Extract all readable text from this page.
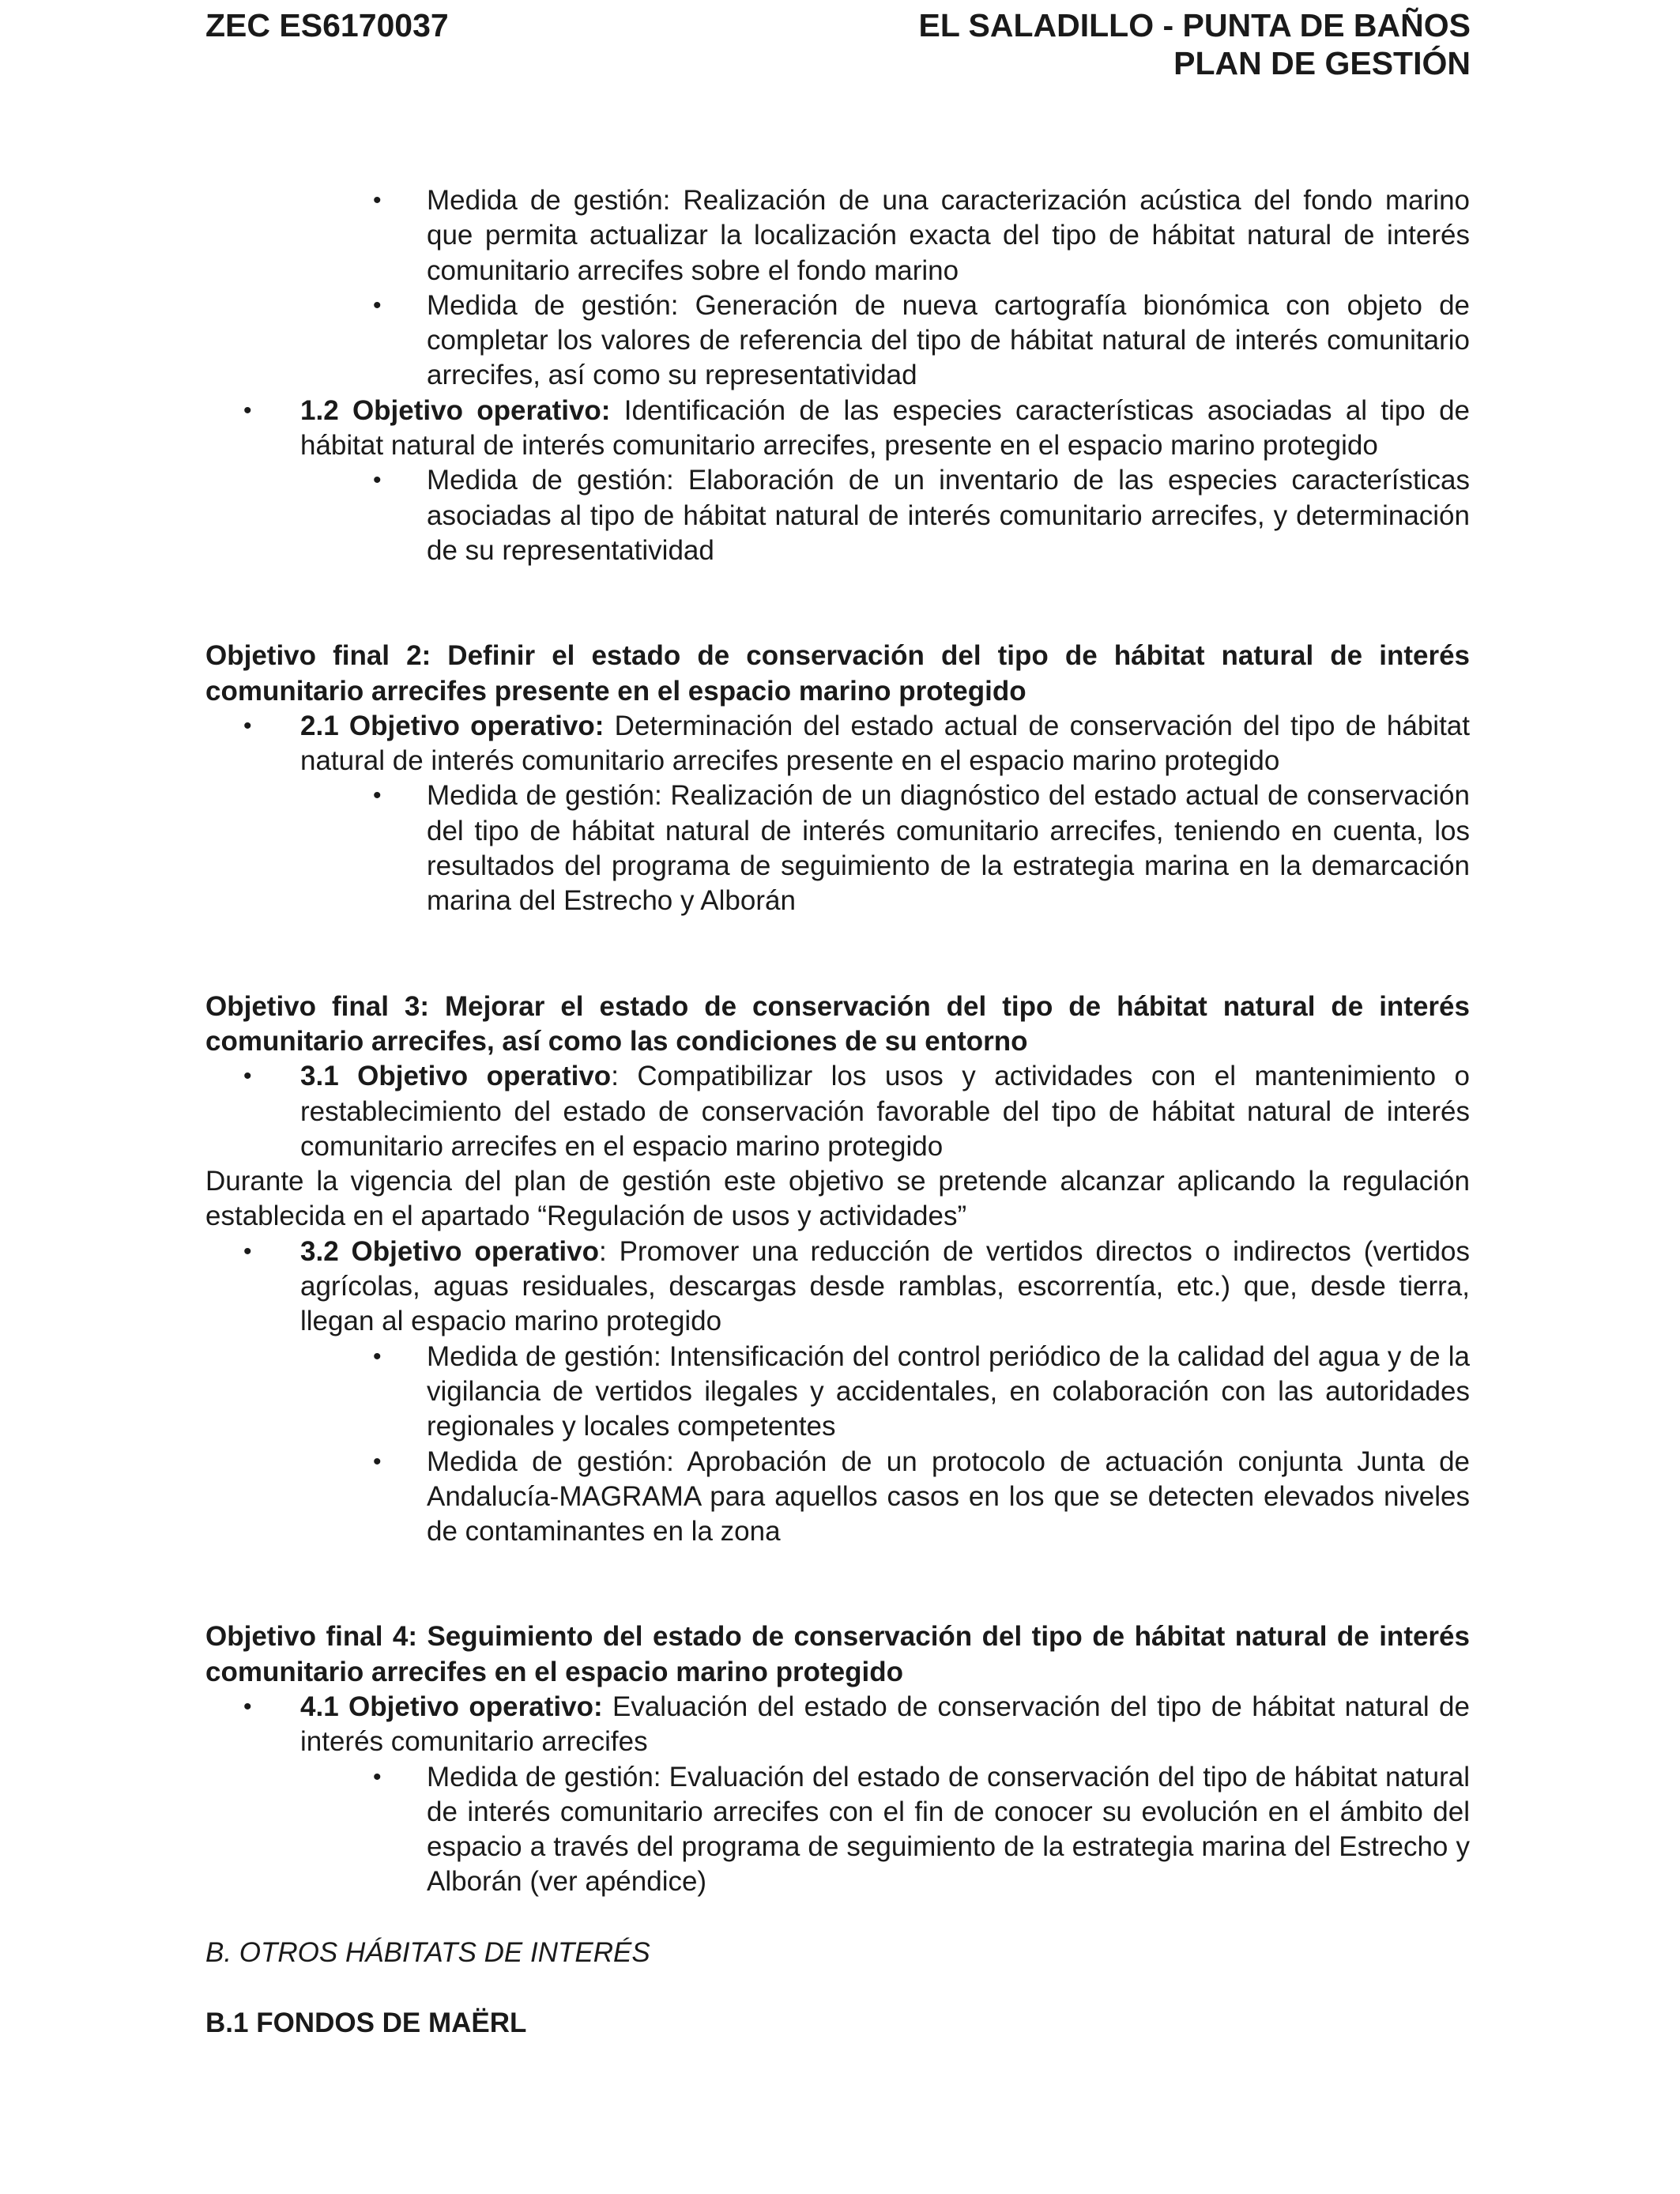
ZEC ES6170037	EL SALADILLO - PUNTA DE BAÑOS
PLAN DE GESTIÓN
• Medida de gestión: Realización de una caracterización acústica del fondo marino que permita actualizar la localización exacta del tipo de hábitat natural de interés comunitario arrecifes sobre el fondo marino
• Medida de gestión: Generación de nueva cartografía bionómica con objeto de completar los valores de referencia del tipo de hábitat natural de interés comunitario arrecifes, así como su representatividad
• 1.2 Objetivo operativo: Identificación de las especies características asociadas al tipo de hábitat natural de interés comunitario arrecifes, presente en el espacio marino protegido
• Medida de gestión: Elaboración de un inventario de las especies características asociadas al tipo de hábitat natural de interés comunitario arrecifes, y determinación de su representatividad
Objetivo final 2: Definir el estado de conservación del tipo de hábitat natural de interés comunitario arrecifes presente en el espacio marino protegido
• 2.1 Objetivo operativo: Determinación del estado actual de conservación del tipo de hábitat natural de interés comunitario arrecifes presente en el espacio marino protegido
• Medida de gestión: Realización de un diagnóstico del estado actual de conservación del tipo de hábitat natural de interés comunitario arrecifes, teniendo en cuenta, los resultados del programa de seguimiento de la estrategia marina en la demarcación marina del Estrecho y Alborán
Objetivo final 3: Mejorar el estado de conservación del tipo de hábitat natural de interés comunitario arrecifes, así como las condiciones de su entorno
• 3.1 Objetivo operativo: Compatibilizar los usos y actividades con el mantenimiento o restablecimiento del estado de conservación favorable del tipo de hábitat natural de interés comunitario arrecifes en el espacio marino protegido
Durante la vigencia del plan de gestión este objetivo se pretende alcanzar aplicando la regulación establecida en el apartado “Regulación de usos y actividades”
• 3.2 Objetivo operativo: Promover una reducción de vertidos directos o indirectos (vertidos agrícolas, aguas residuales, descargas desde ramblas, escorrentía, etc.) que, desde tierra, llegan al espacio marino protegido
• Medida de gestión: Intensificación del control periódico de la calidad del agua y de la vigilancia de vertidos ilegales y accidentales, en colaboración con las autoridades regionales y locales competentes
• Medida de gestión: Aprobación de un protocolo de actuación conjunta Junta de Andalucía-MAGRAMA para aquellos casos en los que se detecten elevados niveles de contaminantes en la zona
Objetivo final 4: Seguimiento del estado de conservación del tipo de hábitat natural de interés comunitario arrecifes en el espacio marino protegido
• 4.1 Objetivo operativo: Evaluación del estado de conservación del tipo de hábitat natural de interés comunitario arrecifes
• Medida de gestión: Evaluación del estado de conservación del tipo de hábitat natural de interés comunitario arrecifes con el fin de conocer su evolución en el ámbito del espacio a través del programa de seguimiento de la estrategia marina del Estrecho y Alborán (ver apéndice)
B. OTROS HÁBITATS DE INTERÉS
B.1 FONDOS DE MAËRL
